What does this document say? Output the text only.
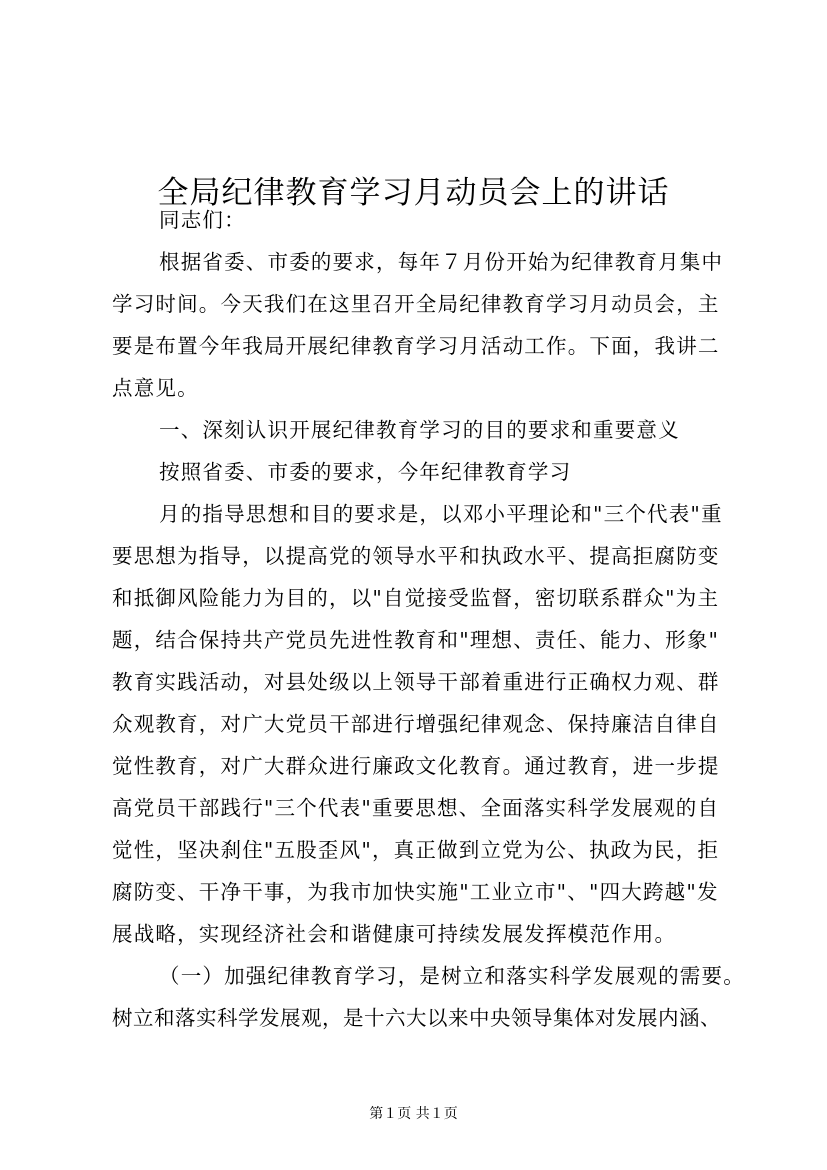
全局纪律教育学习月动员会上的讲话
同志们：
根据省委、市委的要求，每年７月份开始为纪律教育月集中
学习时间。今天我们在这里召开全局纪律教育学习月动员会，主
要是布置今年我局开展纪律教育学习月活动工作。下面，我讲二
点意见。
一、深刻认识开展纪律教育学习的目的要求和重要意义
按照省委、市委的要求，今年纪律教育学习
月的指导思想和目的要求是，以邓小平理论和"三个代表"重
要思想为指导，以提高党的领导水平和执政水平、提高拒腐防变
和抵御风险能力为目的，以"自觉接受监督，密切联系群众"为主
题，结合保持共产党员先进性教育和"理想、责任、能力、形象"
教育实践活动，对县处级以上领导干部着重进行正确权力观、群
众观教育，对广大党员干部进行增强纪律观念、保持廉洁自律自
觉性教育，对广大群众进行廉政文化教育。通过教育，进一步提
高党员干部践行"三个代表"重要思想、全面落实科学发展观的自
觉性，坚决刹住"五股歪风"，真正做到立党为公、执政为民，拒
腐防变、干净干事，为我市加快实施"工业立市"、"四大跨越"发
展战略，实现经济社会和谐健康可持续发展发挥模范作用。
（一）加强纪律教育学习，是树立和落实科学发展观的需要。
树立和落实科学发展观，是十六大以来中央领导集体对发展内涵、
第１页 共１页
